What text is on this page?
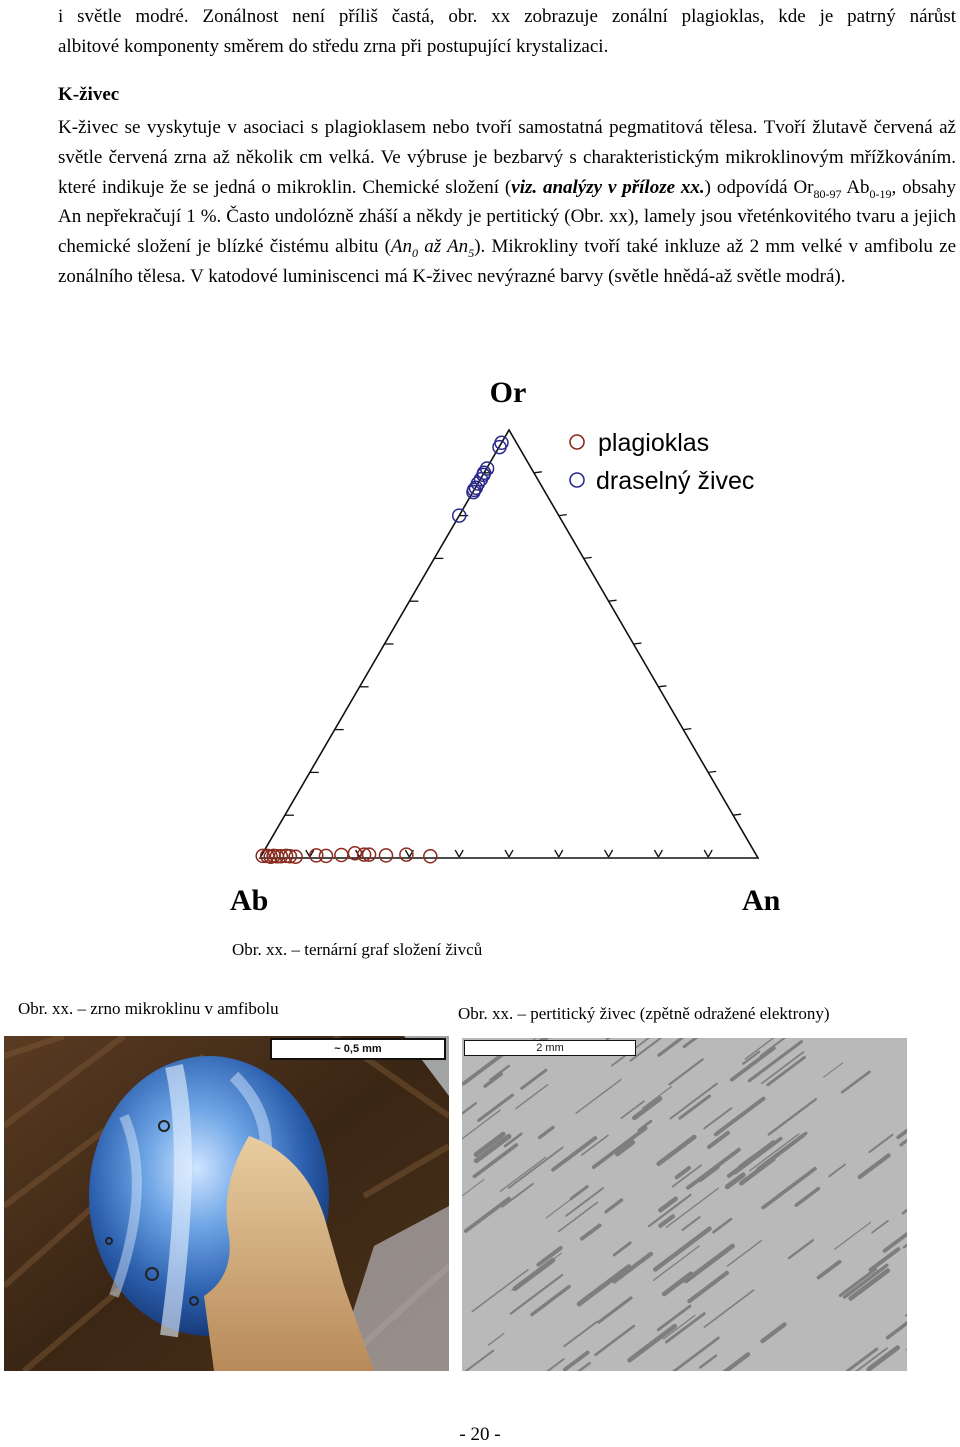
i světle modré. Zonálnost není příliš častá, obr. xx zobrazuje zonální plagioklas, kde je patrný nárůst
albitové komponenty směrem do středu zrna při postupující krystalizaci.
K-živec
K-živec se vyskytuje v asociaci s plagioklasem nebo tvoří samostatná pegmatitová tělesa. Tvoří žlutavě červená až světle červená zrna až několik cm velká. Ve výbruse je bezbarvý s charakteristickým mikroklinovým mřížkováním. které indikuje že se jedná o mikroklin. Chemické složení (viz. analýzy v příloze xx.) odpovídá $Or_{80-97}$ $Ab_{0-19}$, obsahy An nepřekračují 1 %. Často undolózně zháší a někdy je pertitický (Obr. xx), lamely jsou vřeténkovitého tvaru a jejich chemické složení je blízké čistému albitu ($An_0$ až $An_5$). Mikrokliny tvoří také inkluze až 2 mm velké v amfibolu ze zonálního tělesa. V katodové luminiscenci má K-živec nevýrazné barvy (světle hnědá-až světle modrá).
Or
plagioklas
draselný živec
Ab	An
Obr. xx. – ternární graf složení živců
Obr. xx. – zrno mikroklinu v amfibolu	Obr. xx. – pertitický živec (zpětně odražené elektrony)
~ 0,5 mm	2 mm
- 20 -
